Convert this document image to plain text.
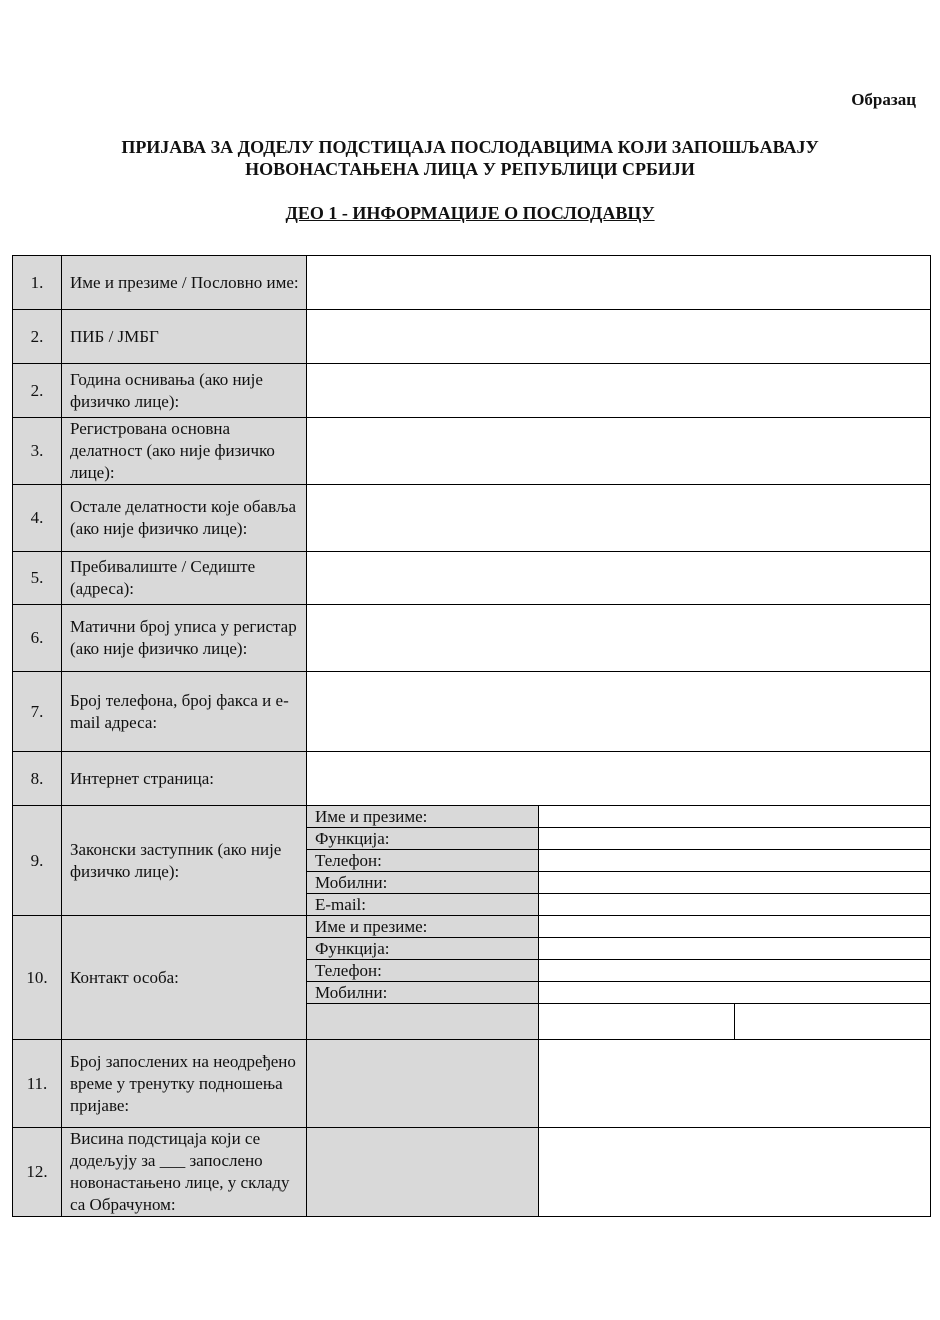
Образац
ПРИЈАВА ЗА ДОДЕЛУ ПОДСТИЦАЈА ПОСЛОДАВЦИМА КОЈИ ЗАПОШЉАВАЈУ
НОВОНАСТАЊЕНА ЛИЦА У РЕПУБЛИЦИ СРБИЈИ
ДЕО 1 - ИНФОРМАЦИЈЕ О ПОСЛОДАВЦУ
1.	Име и презиме / Пословно име:			
2.	ПИБ / ЈМБГ			
2.	Година оснивања (ако није физичко лице):			
3.	Регистрована основна делатност (ако није физичко лице):			
4.	Остале делатности које обавља (ако није физичко лице):			
5.	Пребивалиште / Седиште (адреса):			
6.	Матични број уписа у регистар (ако није физичко лице):			
7.	Број телефона, број факса и e-mail адреса:			
8.	Интернет страница:			
9.	Законски заступник (ако није физичко лице):	Име и презиме:		
		Функција:		
		Телефон:		
		Мобилни:		
		E-mail:		
10.	Контакт особа:	Име и презиме:		
		Функција:		
		Телефон:		
		Мобилни:		

11.	Број запослених на неодређено време у тренутку подношења пријаве:			
12.	Висина подстицаја који се додељују за ___ запослено новонастањено лице, у складу са Обрачуном:			
